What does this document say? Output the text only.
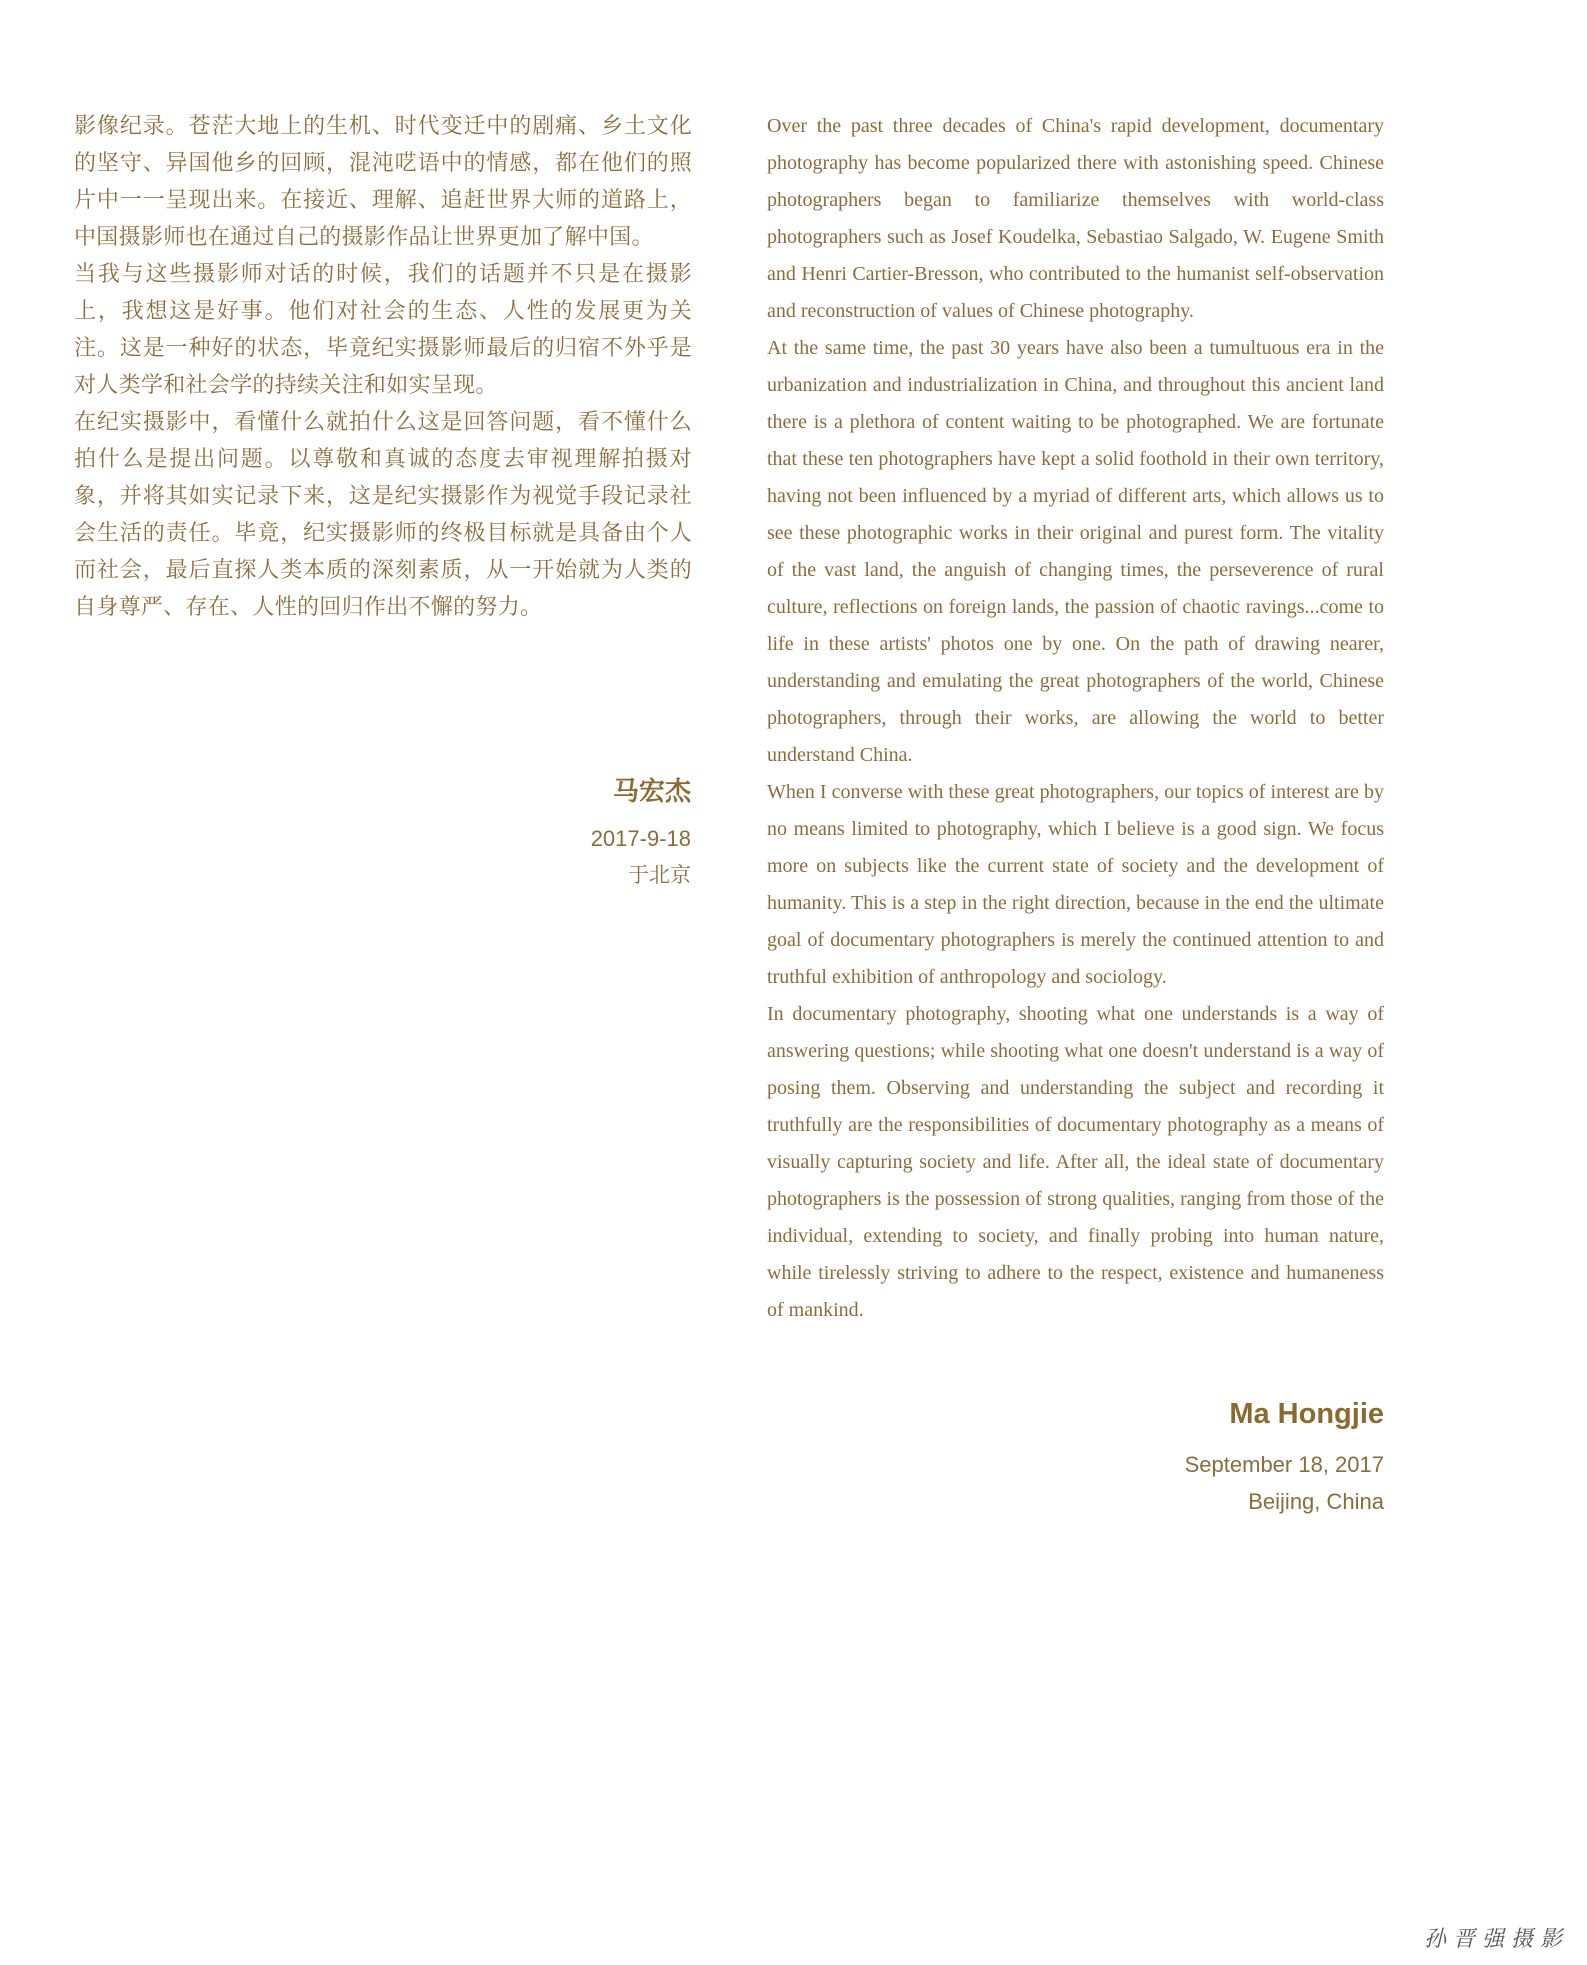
影像纪录。苍茫大地上的生机、时代变迁中的剧痛、乡土文化的坚守、异国他乡的回顾，混沌呓语中的情感，都在他们的照片中一一呈现出来。在接近、理解、追赶世界大师的道路上，中国摄影师也在通过自己的摄影作品让世界更加了解中国。

当我与这些摄影师对话的时候，我们的话题并不只是在摄影上，我想这是好事。他们对社会的生态、人性的发展更为关注。这是一种好的状态，毕竟纪实摄影师最后的归宿不外乎是对人类学和社会学的持续关注和如实呈现。

在纪实摄影中，看懂什么就拍什么这是回答问题，看不懂什么拍什么是提出问题。以尊敬和真诚的态度去审视理解拍摄对象，并将其如实记录下来，这是纪实摄影作为视觉手段记录社会生活的责任。毕竟，纪实摄影师的终极目标就是具备由个人而社会，最后直探人类本质的深刻素质，从一开始就为人类的自身尊严、存在、人性的回归作出不懈的努力。

马宏杰
2017-9-18
于北京

Over the past three decades of China's rapid development, documentary photography has become popularized there with astonishing speed. Chinese photographers began to familiarize themselves with world-class photographers such as Josef Koudelka, Sebastiao Salgado, W. Eugene Smith and Henri Cartier-Bresson, who contributed to the humanist self-observation and reconstruction of values of Chinese photography.

At the same time, the past 30 years have also been a tumultuous era in the urbanization and industrialization in China, and throughout this ancient land there is a plethora of content waiting to be photographed. We are fortunate that these ten photographers have kept a solid foothold in their own territory, having not been influenced by a myriad of different arts, which allows us to see these photographic works in their original and purest form. The vitality of the vast land, the anguish of changing times, the perseverence of rural culture, reflections on foreign lands, the passion of chaotic ravings...come to life in these artists' photos one by one. On the path of drawing nearer, understanding and emulating the great photographers of the world, Chinese photographers, through their works, are allowing the world to better understand China.

When I converse with these great photographers, our topics of interest are by no means limited to photography, which I believe is a good sign. We focus more on subjects like the current state of society and the development of humanity. This is a step in the right direction, because in the end the ultimate goal of documentary photographers is merely the continued attention to and truthful exhibition of anthropology and sociology.

In documentary photography, shooting what one understands is a way of answering questions; while shooting what one doesn't understand is a way of posing them. Observing and understanding the subject and recording it truthfully are the responsibilities of documentary photography as a means of visually capturing society and life. After all, the ideal state of documentary photographers is the possession of strong qualities, ranging from those of the individual, extending to society, and finally probing into human nature, while tirelessly striving to adhere to the respect, existence and humaneness of mankind.

Ma Hongjie
September 18, 2017
Beijing, China
孙晋强摄影
